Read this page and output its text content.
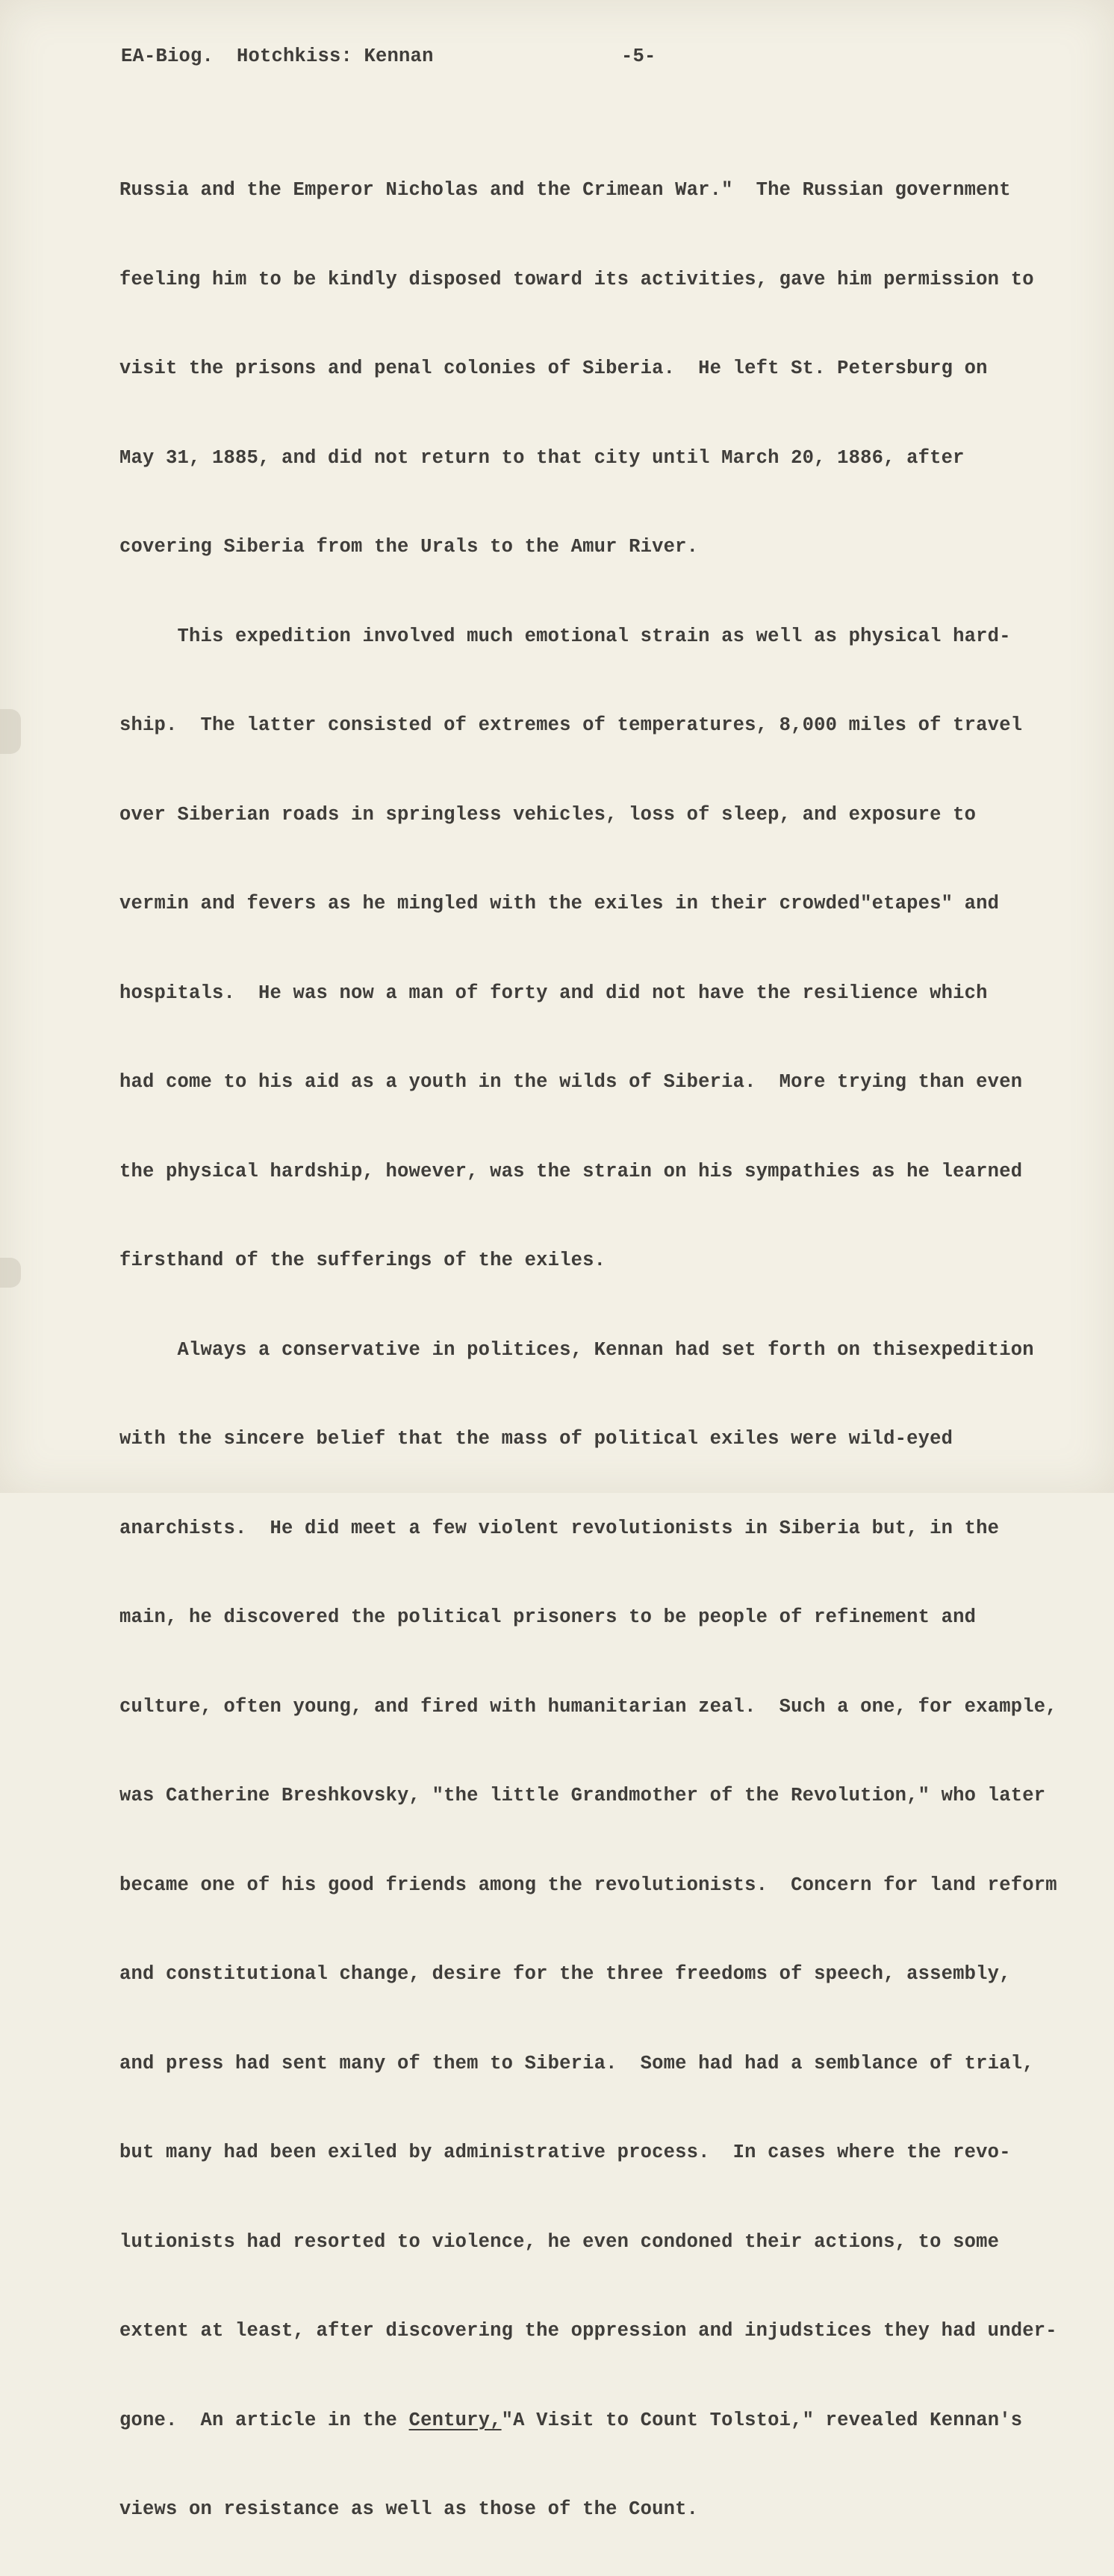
EA-Biog.  Hotchkiss: Kennan

	-5-

Russia and the Emperor Nicholas and the Crimean War."  The Russian government

feeling him to be kindly disposed toward its activities, gave him permission to

visit the prisons and penal colonies of Siberia.  He left St. Petersburg on

May 31, 1885, and did not return to that city until March 20, 1886, after

covering Siberia from the Urals to the Amur River.

This expedition involved much emotional strain as well as physical hard-

ship.  The latter consisted of extremes of temperatures, 8,000 miles of travel

over Siberian roads in springless vehicles, loss of sleep, and exposure to

vermin and fevers as he mingled with the exiles in their crowded"etapes" and

hospitals.  He was now a man of forty and did not have the resilience which

had come to his aid as a youth in the wilds of Siberia.  More trying than even

the physical hardship, however, was the strain on his sympathies as he learned

firsthand of the sufferings of the exiles.

Always a conservative in politices, Kennan had set forth on thisexpedition

with the sincere belief that the mass of political exiles were wild-eyed

anarchists.  He did meet a few violent revolutionists in Siberia but, in the

main, he discovered the political prisoners to be people of refinement and

culture, often young, and fired with humanitarian zeal.  Such a one, for example,

was Catherine Breshkovsky, "the little Grandmother of the Revolution," who later

became one of his good friends among the revolutionists.  Concern for land reform

and constitutional change, desire for the three freedoms of speech, assembly,

and press had sent many of them to Siberia.  Some had had a semblance of trial,

but many had been exiled by administrative process.  In cases where the revo-

lutionists had resorted to violence, he even condoned their actions, to some

extent at least, after discovering the oppression and injudstices they had under-

gone.  An article in the Century,"A Visit to Count Tolstoi," revealed Kennan's

views on resistance as well as those of the Count.
